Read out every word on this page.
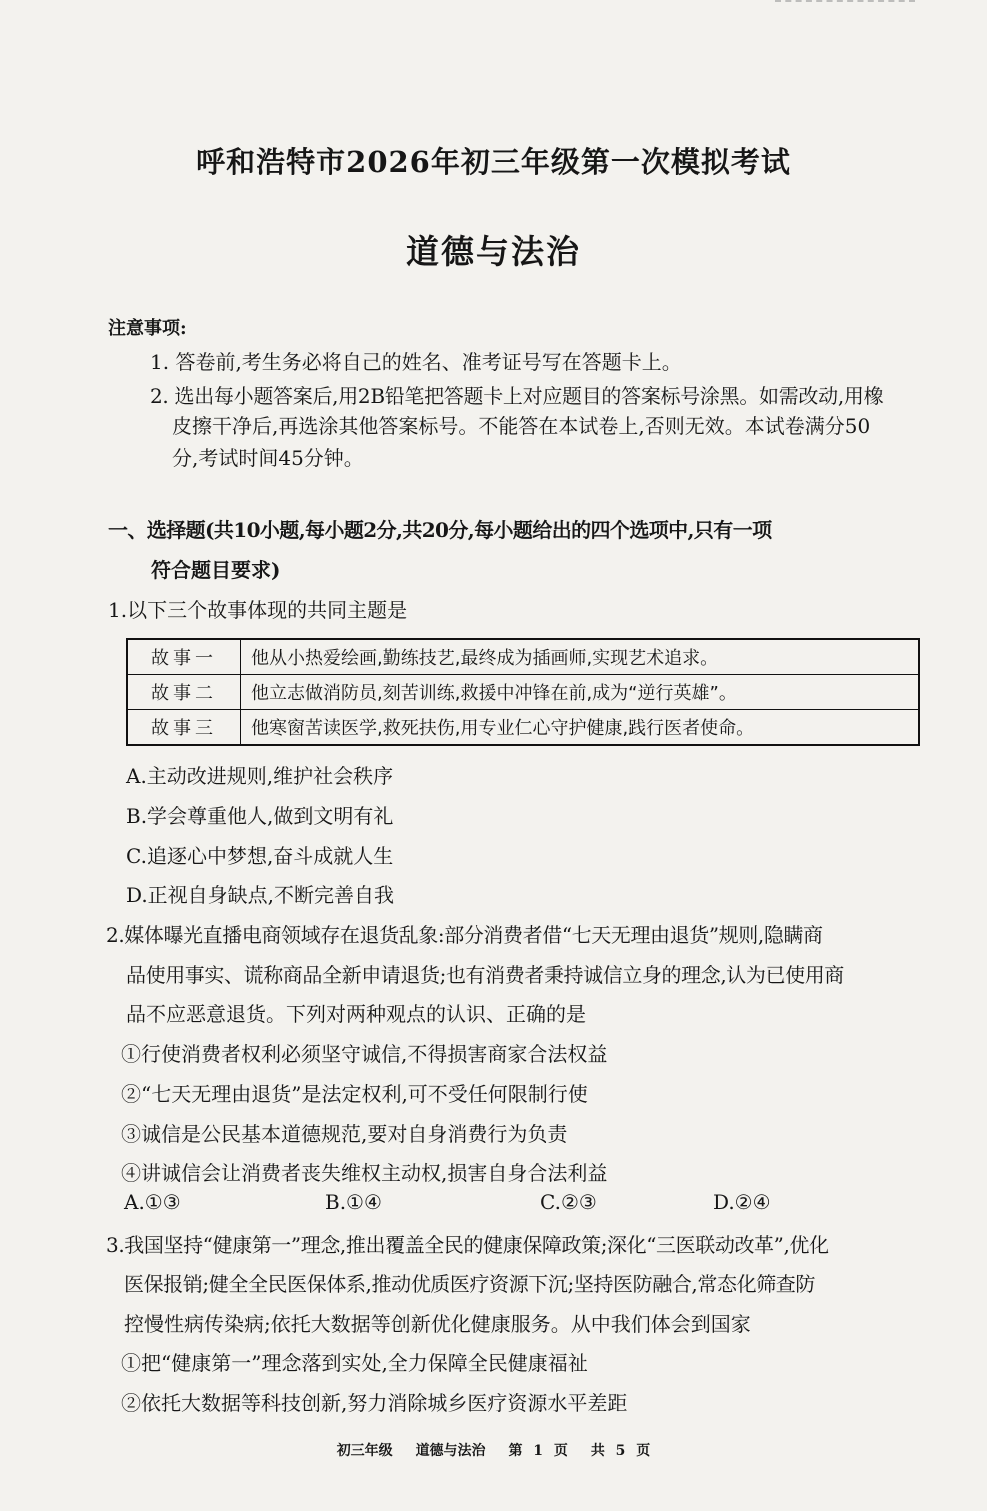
呼和浩特市2026年初三年级第一次模拟考试
道德与法治
注意事项:
1. 答卷前,考生务必将自己的姓名、准考证号写在答题卡上。
2. 选出每小题答案后,用2B铅笔把答题卡上对应题目的答案标号涂黑。如需改动,用橡
皮擦干净后,再选涂其他答案标号。不能答在本试卷上,否则无效。本试卷满分50
分,考试时间45分钟。
一、选择题(共10小题,每小题2分,共20分,每小题给出的四个选项中,只有一项
符合题目要求)
1.以下三个故事体现的共同主题是
故事一	他从小热爱绘画,勤练技艺,最终成为插画师,实现艺术追求。
故事二	他立志做消防员,刻苦训练,救援中冲锋在前,成为“逆行英雄”。
故事三	他寒窗苦读医学,救死扶伤,用专业仁心守护健康,践行医者使命。
A.主动改进规则,维护社会秩序
B.学会尊重他人,做到文明有礼
C.追逐心中梦想,奋斗成就人生
D.正视自身缺点,不断完善自我
2.媒体曝光直播电商领域存在退货乱象:部分消费者借“七天无理由退货”规则,隐瞒商
品使用事实、谎称商品全新申请退货;也有消费者秉持诚信立身的理念,认为已使用商
品不应恶意退货。下列对两种观点的认识、正确的是
①行使消费者权利必须坚守诚信,不得损害商家合法权益
②“七天无理由退货”是法定权利,可不受任何限制行使
③诚信是公民基本道德规范,要对自身消费行为负责
④讲诚信会让消费者丧失维权主动权,损害自身合法利益
A.①③	B.①④	C.②③	D.②④
3.我国坚持“健康第一”理念,推出覆盖全民的健康保障政策;深化“三医联动改革”,优化
医保报销;健全全民医保体系,推动优质医疗资源下沉;坚持医防融合,常态化筛查防
控慢性病传染病;依托大数据等创新优化健康服务。从中我们体会到国家
①把“健康第一”理念落到实处,全力保障全民健康福祉
②依托大数据等科技创新,努力消除城乡医疗资源水平差距
初三年级 道德与法治 第 1 页 共 5 页
